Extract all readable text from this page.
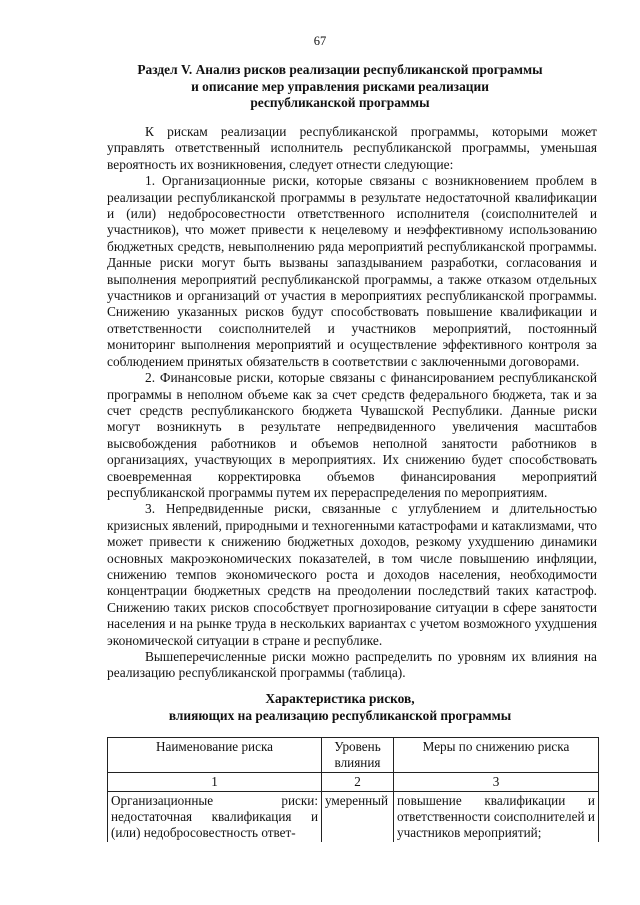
67
Раздел V. Анализ рисков реализации республиканской программы
и описание мер управления рисками реализации
республиканской программы

К рискам реализации республиканской программы, которыми может управлять ответственный исполнитель республиканской программы, уменьшая вероятность их возникновения, следует отнести следующие:

1. Организационные риски, которые связаны с возникновением проблем в реализации республиканской программы в результате недостаточной квалификации и (или) недобросовестности ответственного исполнителя (соисполнителей и участников), что может привести к нецелевому и неэффективному использованию бюджетных средств, невыполнению ряда мероприятий республиканской программы. Данные риски могут быть вызваны запаздыванием разработки, согласования и выполнения мероприятий республиканской программы, а также отказом отдельных участников и организаций от участия в мероприятиях республиканской программы. Снижению указанных рисков будут способствовать повышение квалификации и ответственности соисполнителей и участников мероприятий, постоянный мониторинг выполнения мероприятий и осуществление эффективного контроля за соблюдением принятых обязательств в соответствии с заключенными договорами.

2. Финансовые риски, которые связаны с финансированием республиканской программы в неполном объеме как за счет средств федерального бюджета, так и за счет средств республиканского бюджета Чувашской Республики. Данные риски могут возникнуть в результате непредвиденного увеличения масштабов высвобождения работников и объемов неполной занятости работников в организациях, участвующих в мероприятиях. Их снижению будет способствовать своевременная корректировка объемов финансирования мероприятий республиканской программы путем их перераспределения по мероприятиям.

3. Непредвиденные риски, связанные с углублением и длительностью кризисных явлений, природными и техногенными катастрофами и катаклизмами, что может привести к снижению бюджетных доходов, резкому ухудшению динамики основных макроэкономических показателей, в том числе повышению инфляции, снижению темпов экономического роста и доходов населения, необходимости концентрации бюджетных средств на преодолении последствий таких катастроф. Снижению таких рисков способствует прогнозирование ситуации в сфере занятости населения и на рынке труда в нескольких вариантах с учетом возможного ухудшения экономической ситуации в стране и республике.

Вышеперечисленные риски можно распределить по уровням их влияния на реализацию республиканской программы (таблица).

Характеристика рисков,
влияющих на реализацию республиканской программы
Наименование риска	Уровень влияния	Меры по снижению риска
1	2	3
Организационные риски: недостаточная квалификация и (или) недобросовестность ответ-	умеренный	повышение квалификации и ответственности соисполнителей и участников мероприятий;
